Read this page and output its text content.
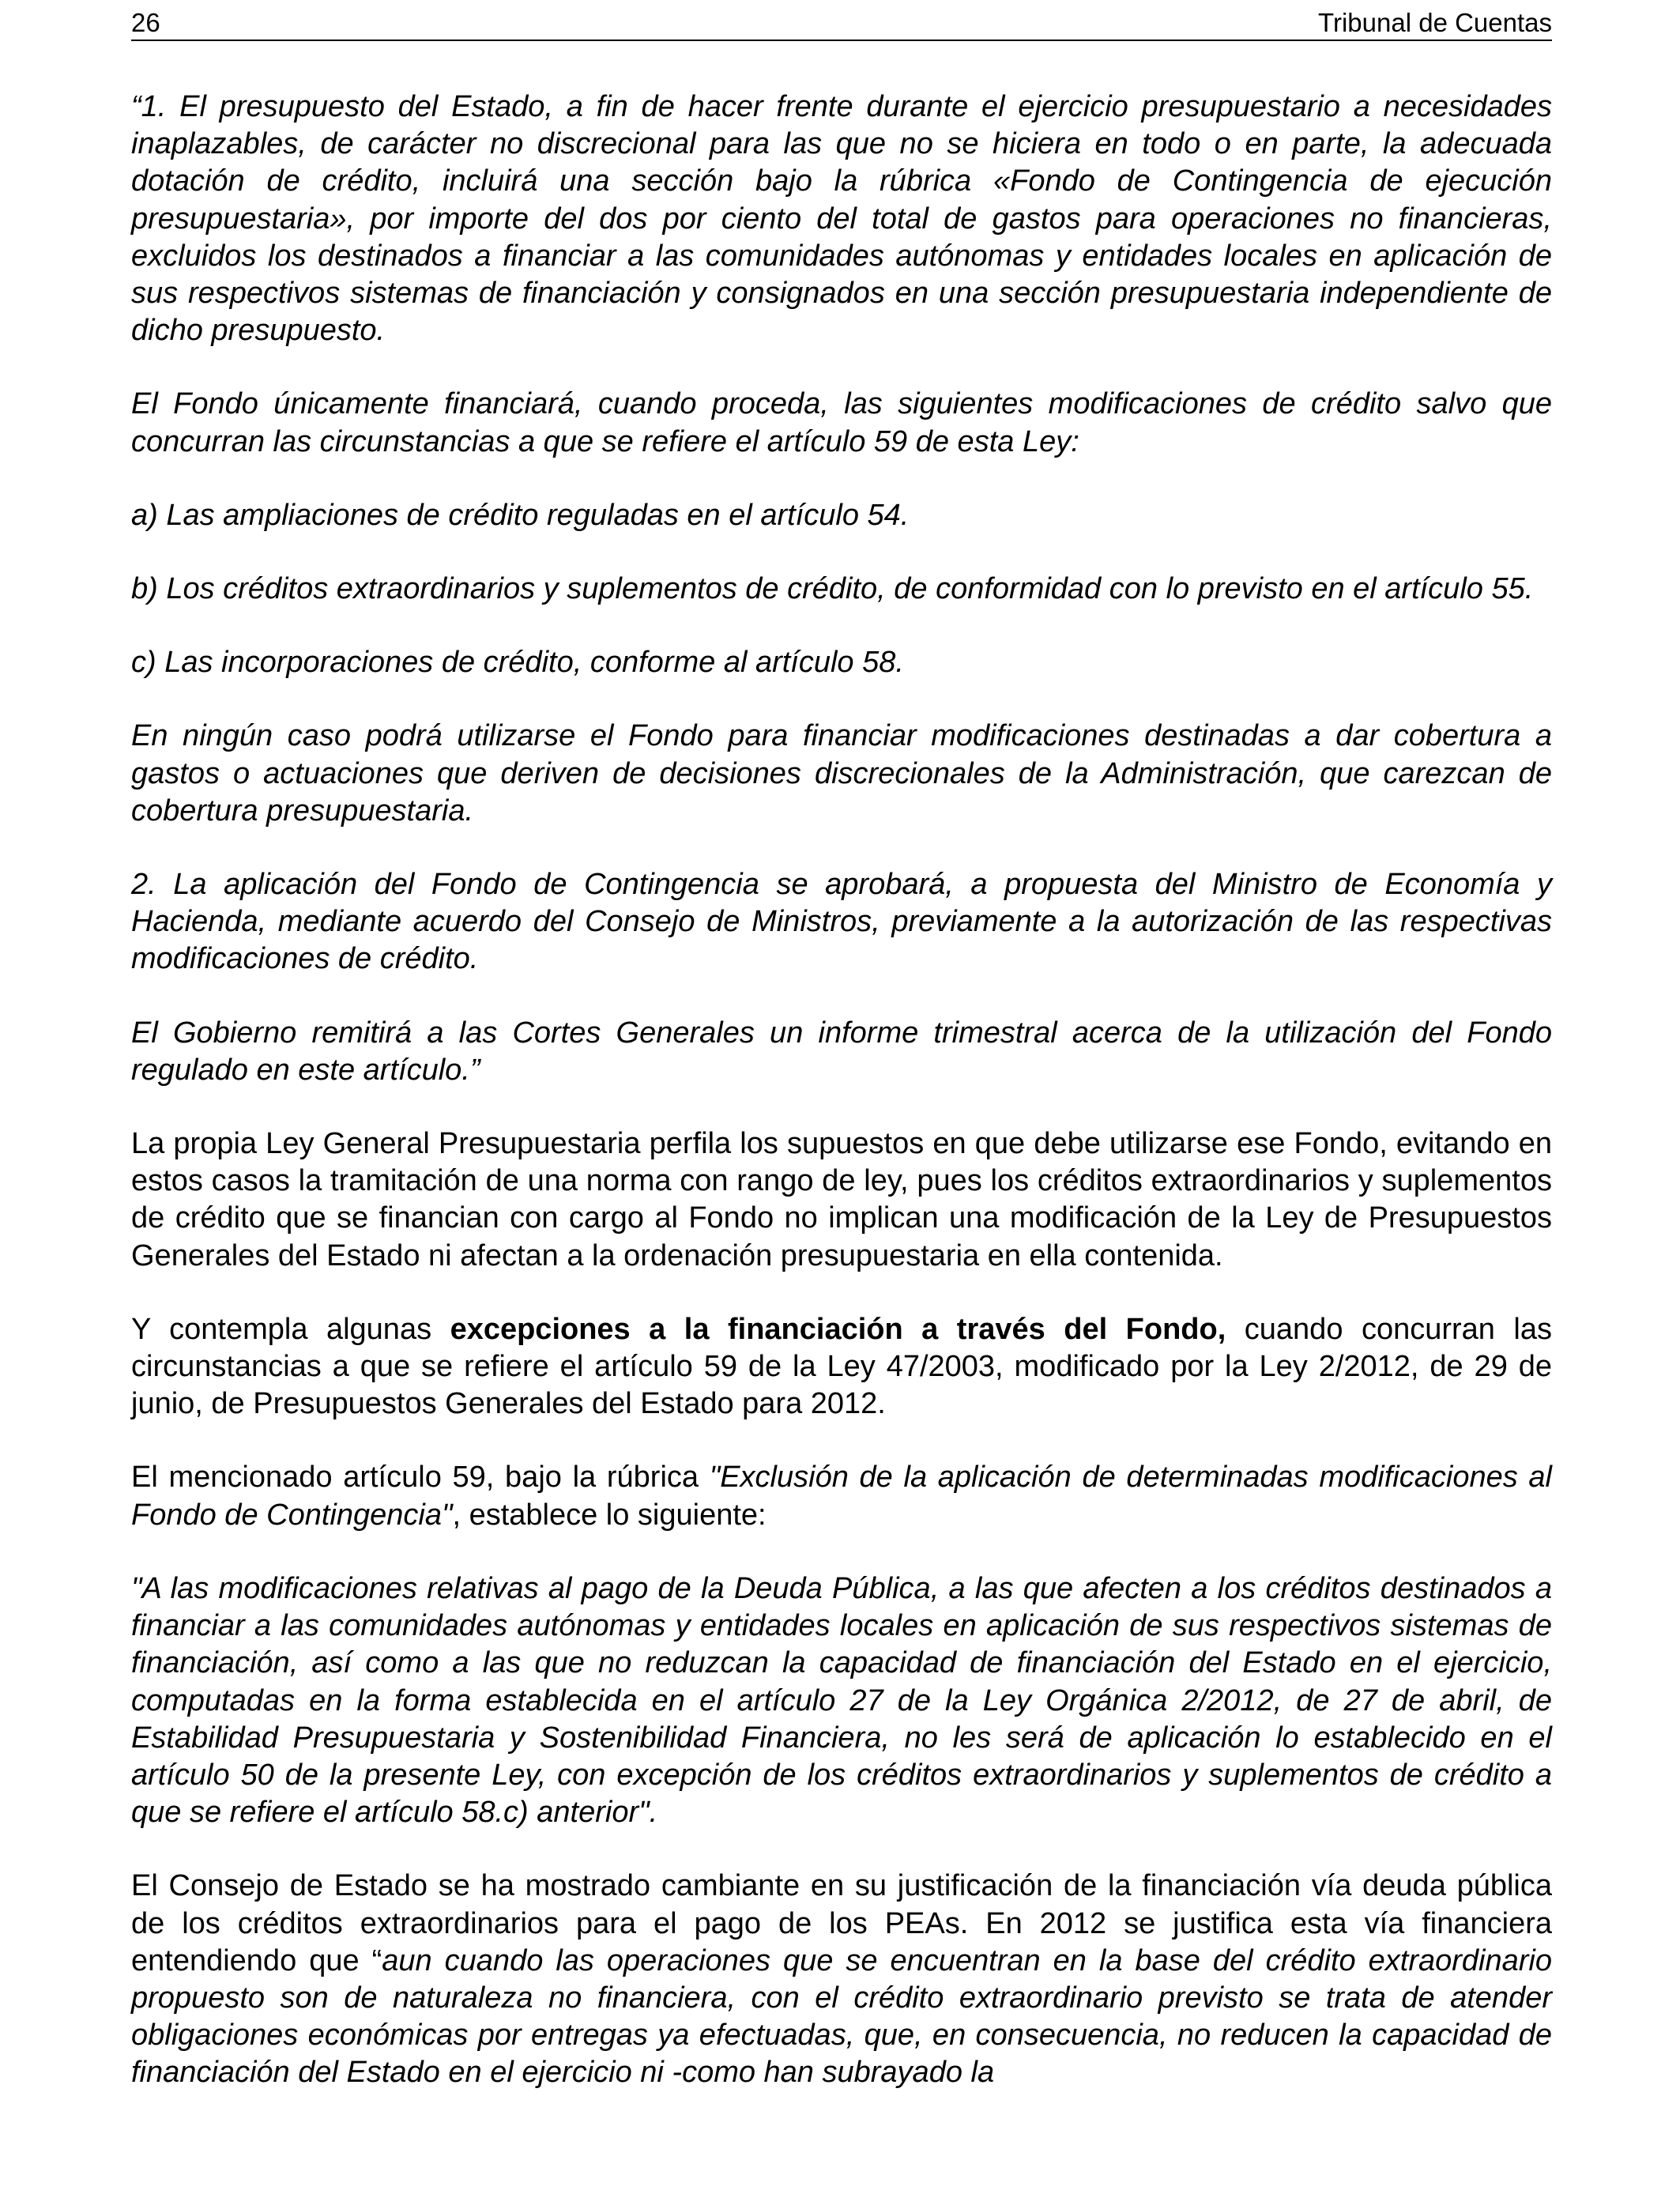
26	Tribunal de Cuentas

“1. El presupuesto del Estado, a fin de hacer frente durante el ejercicio presupuestario a necesidades inaplazables, de carácter no discrecional para las que no se hiciera en todo o en parte, la adecuada dotación de crédito, incluirá una sección bajo la rúbrica «Fondo de Contingencia de ejecución presupuestaria», por importe del dos por ciento del total de gastos para operaciones no financieras, excluidos los destinados a financiar a las comunidades autónomas y entidades locales en aplicación de sus respectivos sistemas de financiación y consignados en una sección presupuestaria independiente de dicho presupuesto.

El Fondo únicamente financiará, cuando proceda, las siguientes modificaciones de crédito salvo que concurran las circunstancias a que se refiere el artículo 59 de esta Ley:

a) Las ampliaciones de crédito reguladas en el artículo 54.

b) Los créditos extraordinarios y suplementos de crédito, de conformidad con lo previsto en el artículo 55.

c) Las incorporaciones de crédito, conforme al artículo 58.

En ningún caso podrá utilizarse el Fondo para financiar modificaciones destinadas a dar cobertura a gastos o actuaciones que deriven de decisiones discrecionales de la Administración, que carezcan de cobertura presupuestaria.

2. La aplicación del Fondo de Contingencia se aprobará, a propuesta del Ministro de Economía y Hacienda, mediante acuerdo del Consejo de Ministros, previamente a la autorización de las respectivas modificaciones de crédito.

El Gobierno remitirá a las Cortes Generales un informe trimestral acerca de la utilización del Fondo regulado en este artículo.”

La propia Ley General Presupuestaria perfila los supuestos en que debe utilizarse ese Fondo, evitando en estos casos la tramitación de una norma con rango de ley, pues los créditos extraordinarios y suplementos de crédito que se financian con cargo al Fondo no implican una modificación de la Ley de Presupuestos Generales del Estado ni afectan a la ordenación presupuestaria en ella contenida.

Y contempla algunas excepciones a la financiación a través del Fondo, cuando concurran las circunstancias a que se refiere el artículo 59 de la Ley 47/2003, modificado por la Ley 2/2012, de 29 de junio, de Presupuestos Generales del Estado para 2012.

El mencionado artículo 59, bajo la rúbrica "Exclusión de la aplicación de determinadas modificaciones al Fondo de Contingencia", establece lo siguiente:

"A las modificaciones relativas al pago de la Deuda Pública, a las que afecten a los créditos destinados a financiar a las comunidades autónomas y entidades locales en aplicación de sus respectivos sistemas de financiación, así como a las que no reduzcan la capacidad de financiación del Estado en el ejercicio, computadas en la forma establecida en el artículo 27 de la Ley Orgánica 2/2012, de 27 de abril, de Estabilidad Presupuestaria y Sostenibilidad Financiera, no les será de aplicación lo establecido en el artículo 50 de la presente Ley, con excepción de los créditos extraordinarios y suplementos de crédito a que se refiere el artículo 58.c) anterior".

El Consejo de Estado se ha mostrado cambiante en su justificación de la financiación vía deuda pública de los créditos extraordinarios para el pago de los PEAs. En 2012 se justifica esta vía financiera entendiendo que “aun cuando las operaciones que se encuentran en la base del crédito extraordinario propuesto son de naturaleza no financiera, con el crédito extraordinario previsto se trata de atender obligaciones económicas por entregas ya efectuadas, que, en consecuencia, no reducen la capacidad de financiación del Estado en el ejercicio ni -como han subrayado la
